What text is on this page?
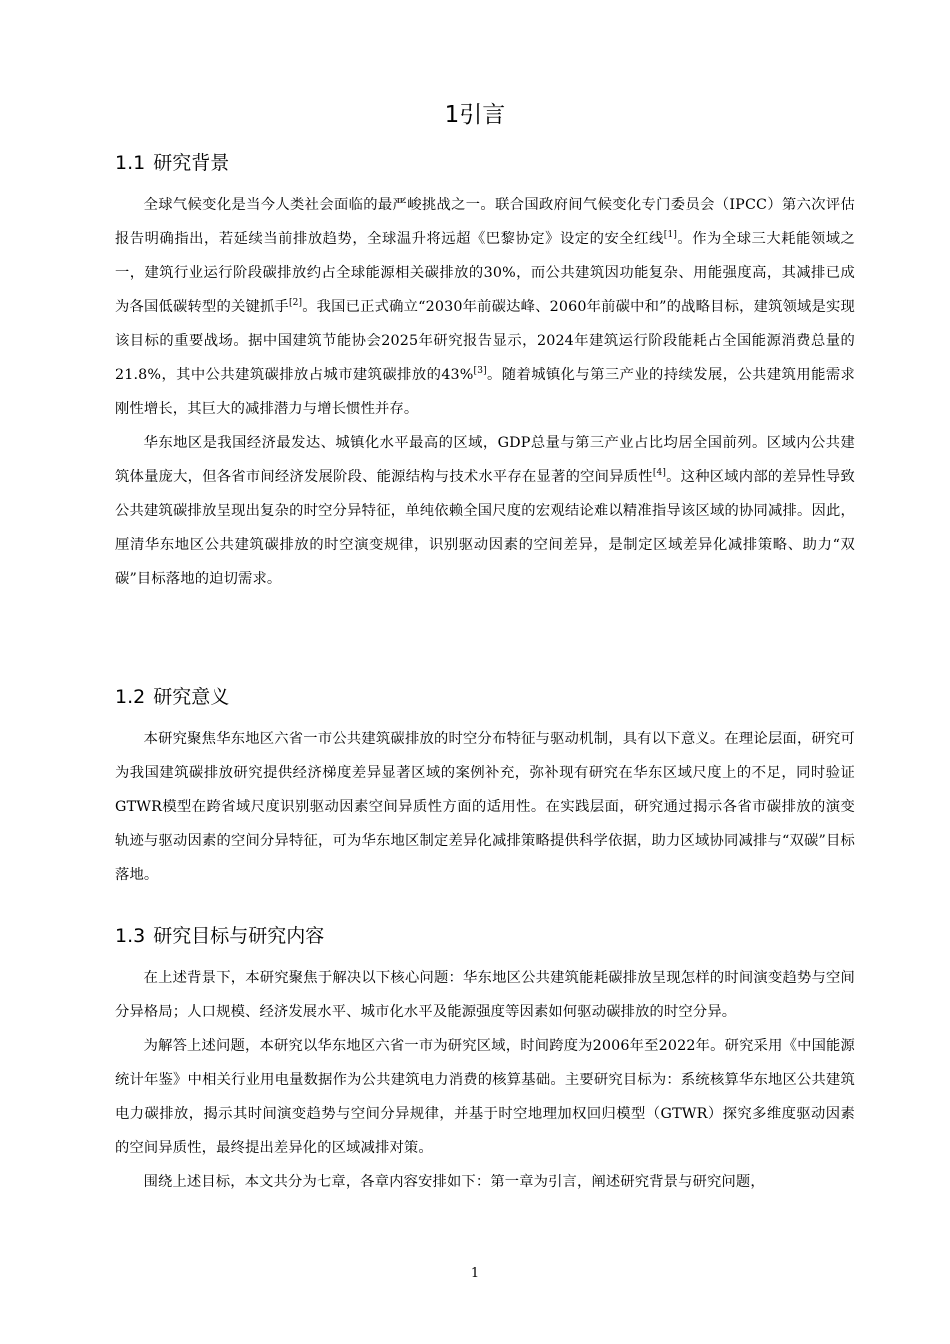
1引言
1.1 研究背景

全球气候变化是当今人类社会面临的最严峻挑战之一。联合国政府间气候变化专门委员会（IPCC）第六次评估报告明确指出，若延续当前排放趋势，全球温升将远超《巴黎协定》设定的安全红线[1]。作为全球三大耗能领域之一，建筑行业运行阶段碳排放约占全球能源相关碳排放的30%，而公共建筑因功能复杂、用能强度高，其减排已成为各国低碳转型的关键抓手[2]。我国已正式确立“2030年前碳达峰、2060年前碳中和”的战略目标，建筑领域是实现该目标的重要战场。据中国建筑节能协会2025年研究报告显示，2024年建筑运行阶段能耗占全国能源消费总量的21.8%，其中公共建筑碳排放占城市建筑碳排放的43%[3]。随着城镇化与第三产业的持续发展，公共建筑用能需求刚性增长，其巨大的减排潜力与增长惯性并存。

华东地区是我国经济最发达、城镇化水平最高的区域，GDP总量与第三产业占比均居全国前列。区域内公共建筑体量庞大，但各省市间经济发展阶段、能源结构与技术水平存在显著的空间异质性[4]。这种区域内部的差异性导致公共建筑碳排放呈现出复杂的时空分异特征，单纯依赖全国尺度的宏观结论难以精准指导该区域的协同减排。因此，厘清华东地区公共建筑碳排放的时空演变规律，识别驱动因素的空间差异，是制定区域差异化减排策略、助力“双碳”目标落地的迫切需求。

1.2 研究意义

本研究聚焦华东地区六省一市公共建筑碳排放的时空分布特征与驱动机制，具有以下意义。在理论层面，研究可为我国建筑碳排放研究提供经济梯度差异显著区域的案例补充，弥补现有研究在华东区域尺度上的不足，同时验证GTWR模型在跨省域尺度识别驱动因素空间异质性方面的适用性。在实践层面，研究通过揭示各省市碳排放的演变轨迹与驱动因素的空间分异特征，可为华东地区制定差异化减排策略提供科学依据，助力区域协同减排与“双碳”目标落地。

1.3 研究目标与研究内容

在上述背景下，本研究聚焦于解决以下核心问题：华东地区公共建筑能耗碳排放呈现怎样的时间演变趋势与空间分异格局；人口规模、经济发展水平、城市化水平及能源强度等因素如何驱动碳排放的时空分异。

为解答上述问题，本研究以华东地区六省一市为研究区域，时间跨度为2006年至2022年。研究采用《中国能源统计年鉴》中相关行业用电量数据作为公共建筑电力消费的核算基础。主要研究目标为：系统核算华东地区公共建筑电力碳排放，揭示其时间演变趋势与空间分异规律，并基于时空地理加权回归模型（GTWR）探究多维度驱动因素的空间异质性，最终提出差异化的区域减排对策。

围绕上述目标，本文共分为七章，各章内容安排如下：第一章为引言，阐述研究背景与研究问题，

1
